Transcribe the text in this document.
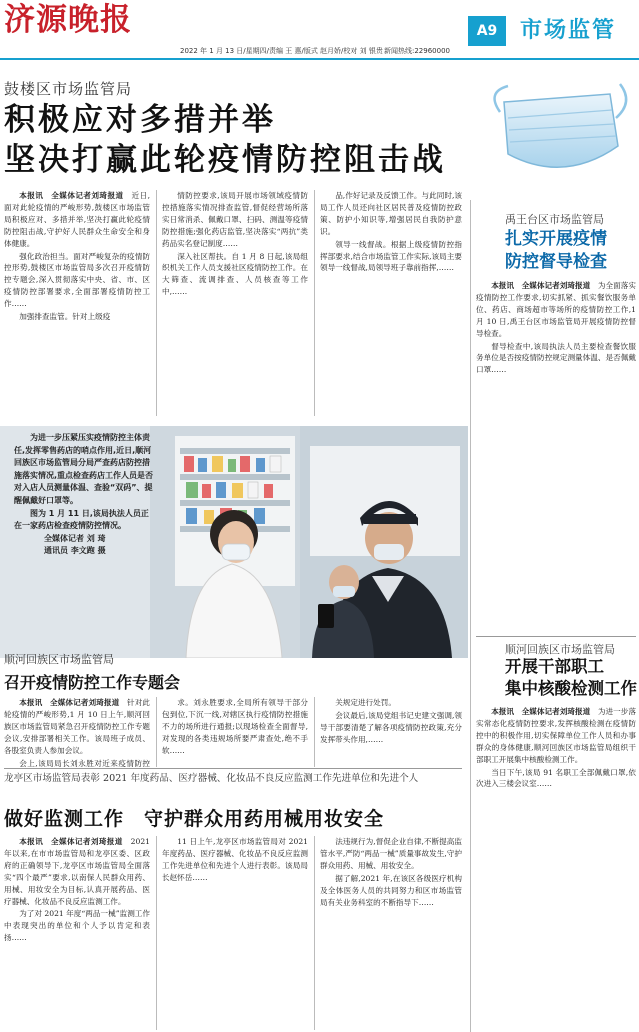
济源晚报
2022 年 1 月 13 日/星期四/责编 王 惠/版式 赵月娇/校对 刘 银贵 新闻热线:22960000
A9	市场监管
鼓楼区市场监管局
积极应对多措并举
坚决打赢此轮疫情防控阻击战

本报讯　全媒体记者刘琦报道　近日,面对此轮疫情的严峻形势,鼓楼区市场监管局积极应对、多措并举,坚决打赢此轮疫情防控阻击战,守护好人民群众生命安全和身体健康。

强化政治担当。面对严峻复杂的疫情防控形势,鼓楼区市场监管局多次召开疫情防控专题会,深入贯彻落实中央、省、市、区疫情防控部署要求,全面部署疫情防控工作……

加强排查监管。针对上级疫

情防控要求,该局开展市场领域疫情防控措施落实情况排查监管,督促经营场所落实日常消杀、佩戴口罩、扫码、测温等疫情防控措施;强化药店监管,坚决落实“两抗”类药品实名登记制度……

深入社区帮扶。自 1 月 8 日起,该局组织机关工作人员支援社区疫情防控工作。在大筛查、流调排查、人员核查等工作中,……

品,作好记录及反馈工作。与此同时,该局工作人员还向社区居民普及疫情防控政策、防护小知识等,增强居民自我防护意识。

领导一线督战。根据上级疫情防控指挥部要求,结合市场监管工作实际,该局主要领导一线督战,局领导班子靠前指挥,……

禹王台区市场监管局
扎实开展疫情
防控督导检查

本报讯　全媒体记者刘琦报道　为全面落实疫情防控工作要求,切实抓紧、抓实餐饮服务单位、药店、商场超市等场所的疫情防控工作,1 月 10 日,禹王台区市场监管局开展疫情防控督导检查。

督导检查中,该局执法人员主要检查餐饮服务单位是否按疫情防控规定测量体温、是否佩戴口罩……

顺河回族区市场监管局
开展干部职工
集中核酸检测工作

本报讯　全媒体记者刘琦报道　为进一步落实常态化疫情防控要求,发挥核酸检测在疫情防控中的积极作用,切实保障单位工作人员和办事群众的身体健康,顺河回族区市场监管局组织干部职工开展集中核酸检测工作。

当日下午,该局 91 名职工全部佩戴口罩,依次进入三楼会议室……

为进一步压紧压实疫情防控主体责任,发挥零售药店的哨点作用,近日,顺河回族区市场监管局分局严查药店防控措施落实情况,重点检查药店工作人员是否对入店人员测量体温、查验“双码”、提醒佩戴好口罩等。

图为 1 月 11 日,该局执法人员正在一家药店检查疫情防控情况。

全媒体记者 刘 琦

通讯员 李文跑 摄

顺河回族区市场监管局
召开疫情防控工作专题会

本报讯　全媒体记者刘琦报道　针对此轮疫情的严峻形势,1 月 10 日上午,顺河回族区市场监管局紧急召开疫情防控工作专题会议,安排部署相关工作。该局班子成员、各股室负责人参加会议。

会上,该局局长刘永胜对近来疫情防控

求。刘永胜要求,全局所有领导干部分包到位,下沉一线,对辖区执行疫情防控措施不力的场所进行通报;以现场检查全面督导,对发现的各类违规场所要严肃查处,绝不手软……

关规定进行处罚。

会议最后,该局党组书记史建文强调,领导干部要清楚了解各项疫情防控政策,充分发挥带头作用,……

龙亭区市场监管局表彰 2021 年度药品、医疗器械、化妆品不良反应监测工作先进单位和先进个人
做好监测工作　守护群众用药用械用妆安全

本报讯　全媒体记者刘琦报道　2021 年以来,在市市场监管局和龙亭区委、区政府的正确领导下,龙亭区市场监管局全面落实“四个最严”要求,以南保人民群众用药、用械、用妆安全为目标,认真开展药品、医疗器械、化妆品不良反应监测工作。

为了对 2021 年度“两品一械”监测工作中表现突出的单位和个人予以肯定和表扬……

11 日上午,龙亭区市场监管局对 2021 年度药品、医疗器械、化妆品不良反应监测工作先进单位和先进个人进行表彰。该局局长赵怀岳……

法违规行为,督促企业自律,不断提高监管水平,严防“两品一械”质量事故发生,守护群众用药、用械、用妆安全。

据了解,2021 年,在该区各级医疗机构及全体医务人员的共同努力和区市场监管局有关业务科室的不断指导下……
